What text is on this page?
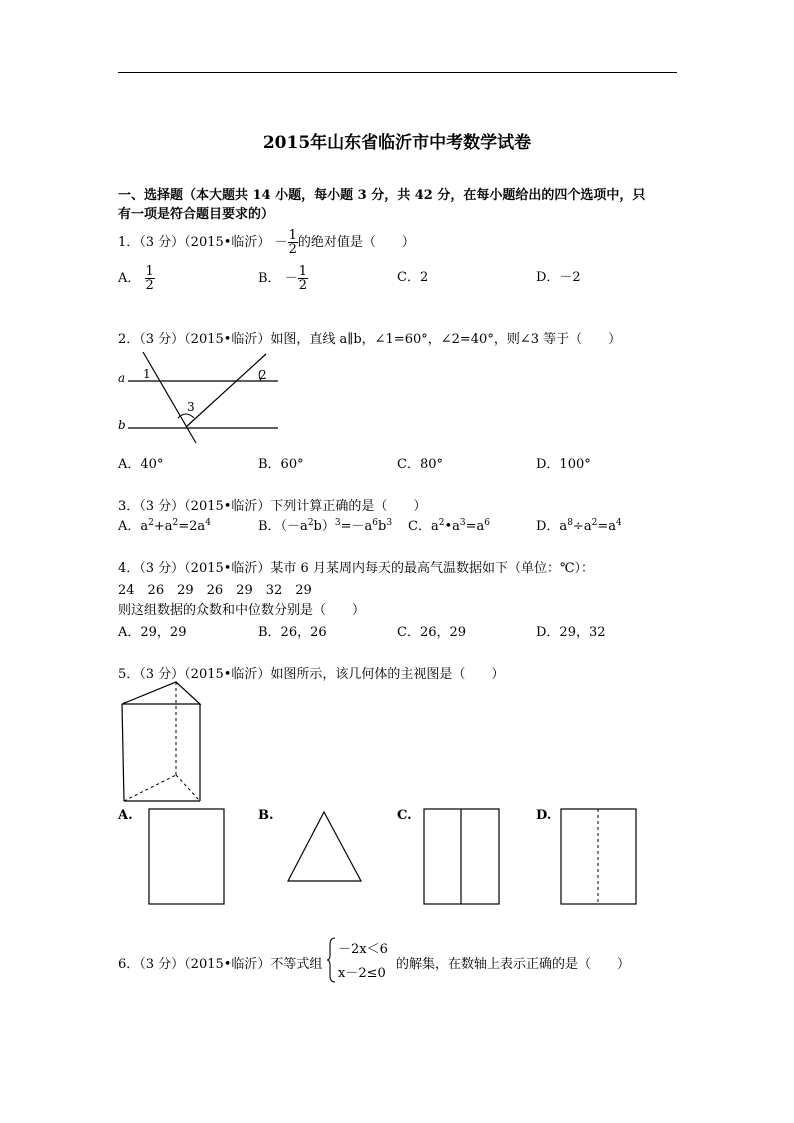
2015年山东省临沂市中考数学试卷
一、选择题（本大题共 14 小题，每小题 3 分，共 42 分，在每小题给出的四个选项中，只
有一项是符合题目要求的）
1．（3 分）（2015•临沂） － $\frac{1}{2}$ 的绝对值是（　　）
A． $\frac{1}{2}$	B． － $\frac{1}{2}$	C．2	D．－2
2．（3 分）（2015•临沂）如图，直线 a∥b，∠1=60°，∠2=40°，则∠3 等于（　　）
a
b
1	2
3
A．40°	B．60°	C．80°	D．100°
3．（3 分）（2015•临沂）下列计算正确的是（　　）
A．$a^2+a^2=2a^4$	B．$(-a^2b)^3=-a^6b^3$ C．$a^2•a^3=a^6$	D．$a^8\div a^2=a^4$
4．（3 分）（2015•临沂）某市 6 月某周内每天的最高气温数据如下（单位：℃）：
24　26　29　26　29　32　29
则这组数据的众数和中位数分别是（　　）
A．29，29	B．26，26	C．26，29	D．29，32
5．（3 分）（2015•临沂）如图所示，该几何体的主视图是（　　）
A.	B.	C.	D.
6．（3 分）（2015•临沂）不等式组
－2x＜6
x－2≤0
的解集，在数轴上表示正确的是（　　）
